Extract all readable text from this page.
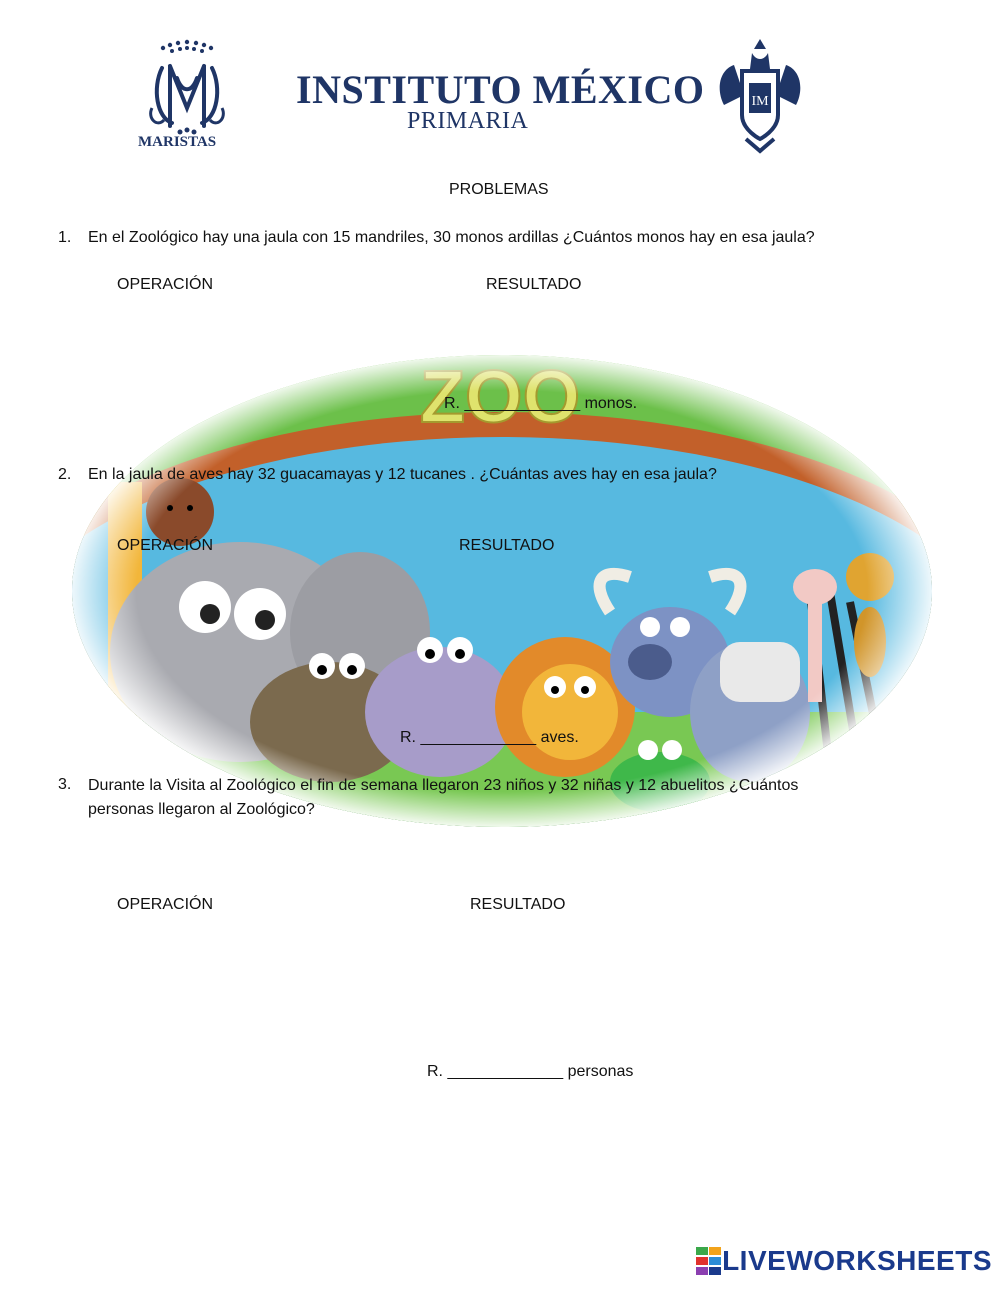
MARISTAS
INSTITUTO MÉXICO
PRIMARIA
IM
PROBLEMAS
1. En el Zoológico hay una jaula con 15 mandriles, 30 monos ardillas ¿Cuántos monos hay en esa jaula?
OPERACIÓN	RESULTADO
R. _____________ monos.
2. En la jaula de aves hay 32 guacamayas y 12 tucanes . ¿Cuántas aves hay en esa jaula?
OPERACIÓN	RESULTADO
R. _____________ aves.
3. Durante la Visita al Zoológico el fin de semana llegaron 23 niños y 32 niñas y 12 abuelitos ¿Cuántos
personas llegaron al Zoológico?
OPERACIÓN	RESULTADO
R. _____________ personas
LIVEWORKSHEETS
